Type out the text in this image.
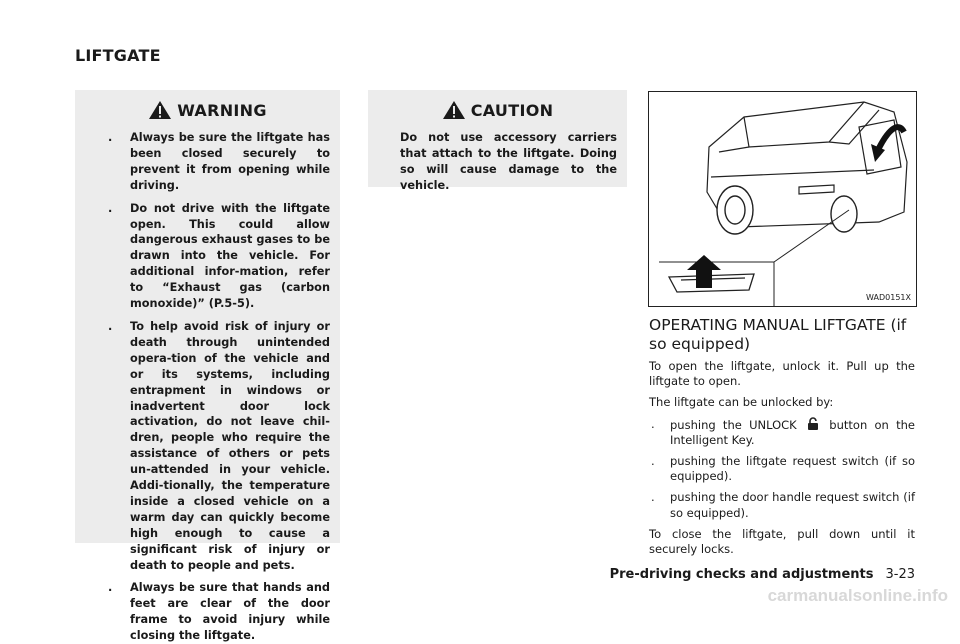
LIFTGATE
WARNING
. Always be sure the liftgate has been closed securely to prevent it from opening while driving.
. Do not drive with the liftgate open. This could allow dangerous exhaust gases to be drawn into the vehicle. For additional infor-mation, refer to “Exhaust gas (carbon monoxide)” (P.5-5).
. To help avoid risk of injury or death through unintended opera-tion of the vehicle and or its systems, including entrapment in windows or inadvertent door lock activation, do not leave chil-dren, people who require the assistance of others or pets un-attended in your vehicle. Addi-tionally, the temperature inside a closed vehicle on a warm day can quickly become high enough to cause a significant risk of injury or death to people and pets.
. Always be sure that hands and feet are clear of the door frame to avoid injury while closing the liftgate.
CAUTION
Do not use accessory carriers that attach to the liftgate. Doing so will cause damage to the vehicle.
WAD0151X
OPERATING MANUAL LIFTGATE (if so equipped)

To open the liftgate, unlock it. Pull up the liftgate to open.

The liftgate can be unlocked by:

. pushing the UNLOCK	button on the Intelligent Key.
. pushing the liftgate request switch (if so equipped).
. pushing the door handle request switch (if so equipped).

To close the liftgate, pull down until it securely locks.

Pre-driving checks and adjustments 3-23
carmanualsonline.info
